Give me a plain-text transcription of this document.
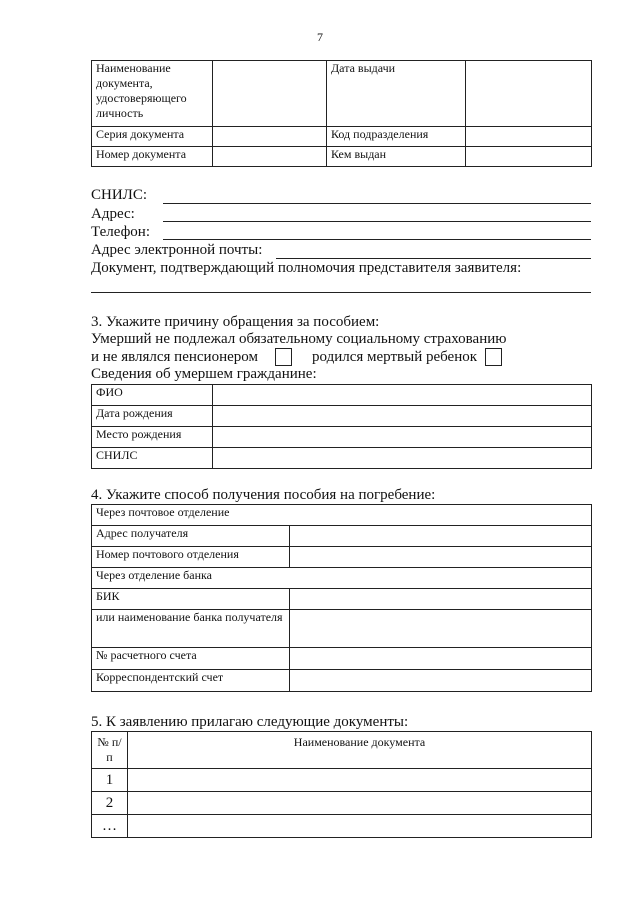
7
Наименование документа, удостоверяющего личность		Дата выдачи	
Серия документа		Код подразделения	
Номер документа		Кем выдан	
СНИЛС:
Адрес:
Телефон:
Адрес электронной почты:
Документ, подтверждающий полномочия представителя заявителя:
3. Укажите причину обращения за пособием:
Умерший не подлежал обязательному социальному страхованию
и не являлся пенсионером	родился мертвый ребенок
Сведения об умершем гражданине:
ФИО	
Дата рождения	
Место рождения	
СНИЛС	
4. Укажите способ получения пособия на погребение:
Через почтовое отделение	
Адрес получателя	
Номер почтового отделения	
Через отделение банка	
БИК	
или наименование банка получателя	
№ расчетного счета	
Корреспондентский счет	
5. К заявлению прилагаю следующие документы:
№ п/п	Наименование документа
1	
2	
…	
